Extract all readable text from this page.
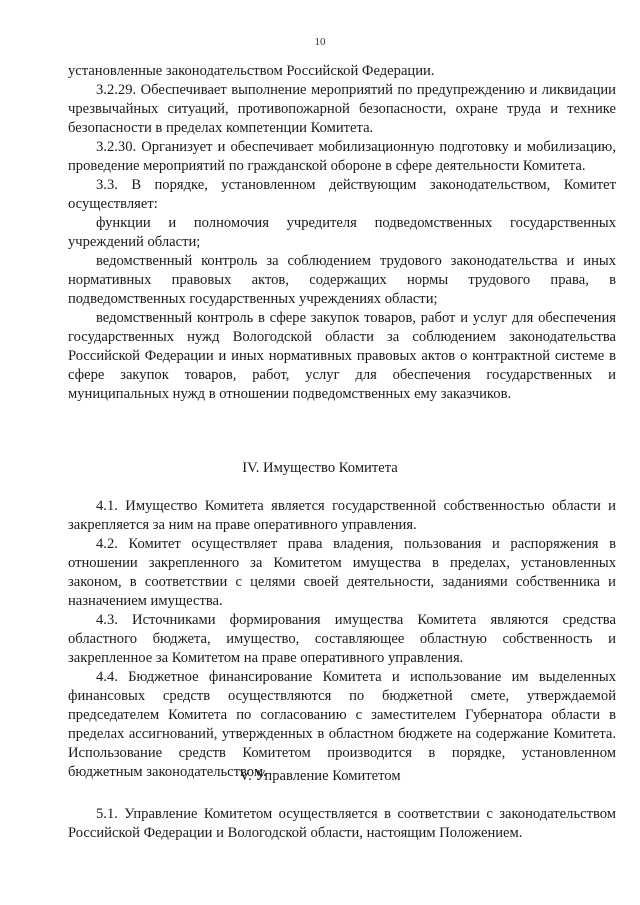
10

установленные законодательством Российской Федерации.

3.2.29. Обеспечивает выполнение мероприятий по предупреждению и ликвидации чрезвычайных ситуаций, противопожарной безопасности, охране труда и технике безопасности в пределах компетенции Комитета.

3.2.30. Организует и обеспечивает мобилизационную подготовку и мобилизацию, проведение мероприятий по гражданской обороне в сфере деятельности Комитета.

3.3. В порядке, установленном действующим законодательством, Комитет осуществляет:

функции и полномочия учредителя подведомственных государственных учреждений области;

ведомственный контроль за соблюдением трудового законодательства и иных нормативных правовых актов, содержащих нормы трудового права, в подведомственных государственных учреждениях области;

ведомственный контроль в сфере закупок товаров, работ и услуг для обеспечения государственных нужд Вологодской области за соблюдением законодательства Российской Федерации и иных нормативных правовых актов о контрактной системе в сфере закупок товаров, работ, услуг для обеспечения государственных и муниципальных нужд в отношении подведомственных ему заказчиков.

IV. Имущество Комитета

4.1. Имущество Комитета является государственной собственностью области и закрепляется за ним на праве оперативного управления.

4.2. Комитет осуществляет права владения, пользования и распоряжения в отношении закрепленного за Комитетом имущества в пределах, установленных законом, в соответствии с целями своей деятельности, заданиями собственника и назначением имущества.

4.3. Источниками формирования имущества Комитета являются средства областного бюджета, имущество, составляющее областную собственность и закрепленное за Комитетом на праве оперативного управления.

4.4. Бюджетное финансирование Комитета и использование им выделенных финансовых средств осуществляются по бюджетной смете, утверждаемой председателем Комитета по согласованию с заместителем Губернатора области в пределах ассигнований, утвержденных в областном бюджете на содержание Комитета. Использование средств Комитетом производится в порядке, установленном бюджетным законодательством.

V. Управление Комитетом

5.1. Управление Комитетом осуществляется в соответствии с законодательством Российской Федерации и Вологодской области, настоящим Положением.
